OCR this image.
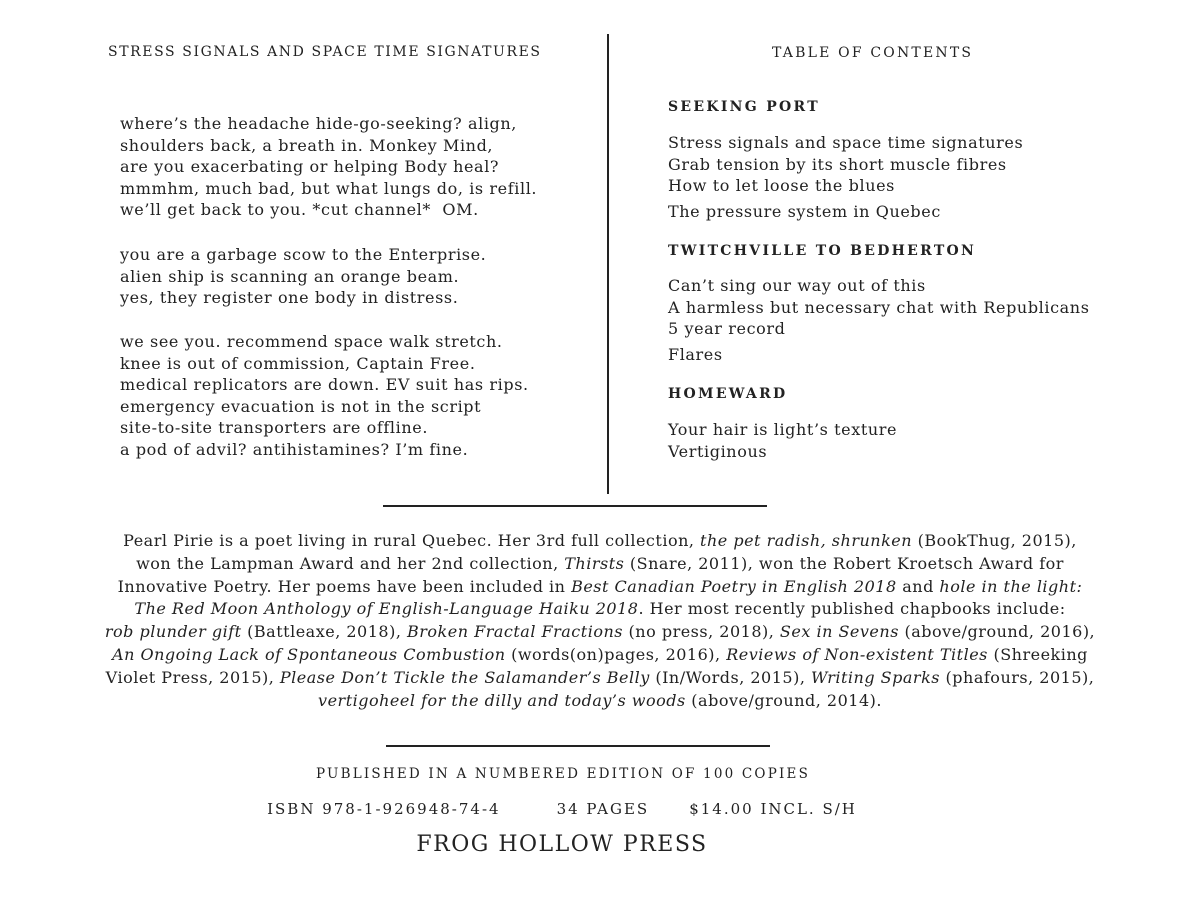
STRESS SIGNALS AND SPACE TIME SIGNATURES
where’s the headache hide-go-seeking? align,
shoulders back, a breath in. Monkey Mind,
are you exacerbating or helping Body heal?
mmmhm, much bad, but what lungs do, is refill.
we’ll get back to you. *cut channel*  OM.
you are a garbage scow to the Enterprise.
alien ship is scanning an orange beam.
yes, they register one body in distress.
we see you. recommend space walk stretch.
knee is out of commission, Captain Free.
medical replicators are down. EV suit has rips.
emergency evacuation is not in the script
site-to-site transporters are offline.
a pod of advil? antihistamines? I’m fine.
TABLE OF CONTENTS
SEEKING PORT
Stress signals and space time signatures
Grab tension by its short muscle fibres
How to let loose the blues
The pressure system in Quebec
TWITCHVILLE TO BEDHERTON
Can’t sing our way out of this
A harmless but necessary chat with Republicans
5 year record
Flares
HOMEWARD
Your hair is light’s texture
Vertiginous
Pearl Pirie is a poet living in rural Quebec. Her 3rd full collection, the pet radish, shrunken (BookThug, 2015),
won the Lampman Award and her 2nd collection, Thirsts (Snare, 2011), won the Robert Kroetsch Award for
Innovative Poetry. Her poems have been included in Best Canadian Poetry in English 2018 and hole in the light:
The Red Moon Anthology of English-Language Haiku 2018. Her most recently published chapbooks include:
rob plunder gift (Battleaxe, 2018), Broken Fractal Fractions (no press, 2018), Sex in Sevens (above/ground, 2016),
An Ongoing Lack of Spontaneous Combustion (words(on)pages, 2016), Reviews of Non-existent Titles (Shreeking
Violet Press, 2015), Please Don’t Tickle the Salamander’s Belly (In/Words, 2015), Writing Sparks (phafours, 2015),
vertigoheel for the dilly and today’s woods (above/ground, 2014).
PUBLISHED IN A NUMBERED EDITION OF 100 COPIES
ISBN 978-1-926948-74-4	34 PAGES	$14.00 INCL. S/H
FROG HOLLOW PRESS
